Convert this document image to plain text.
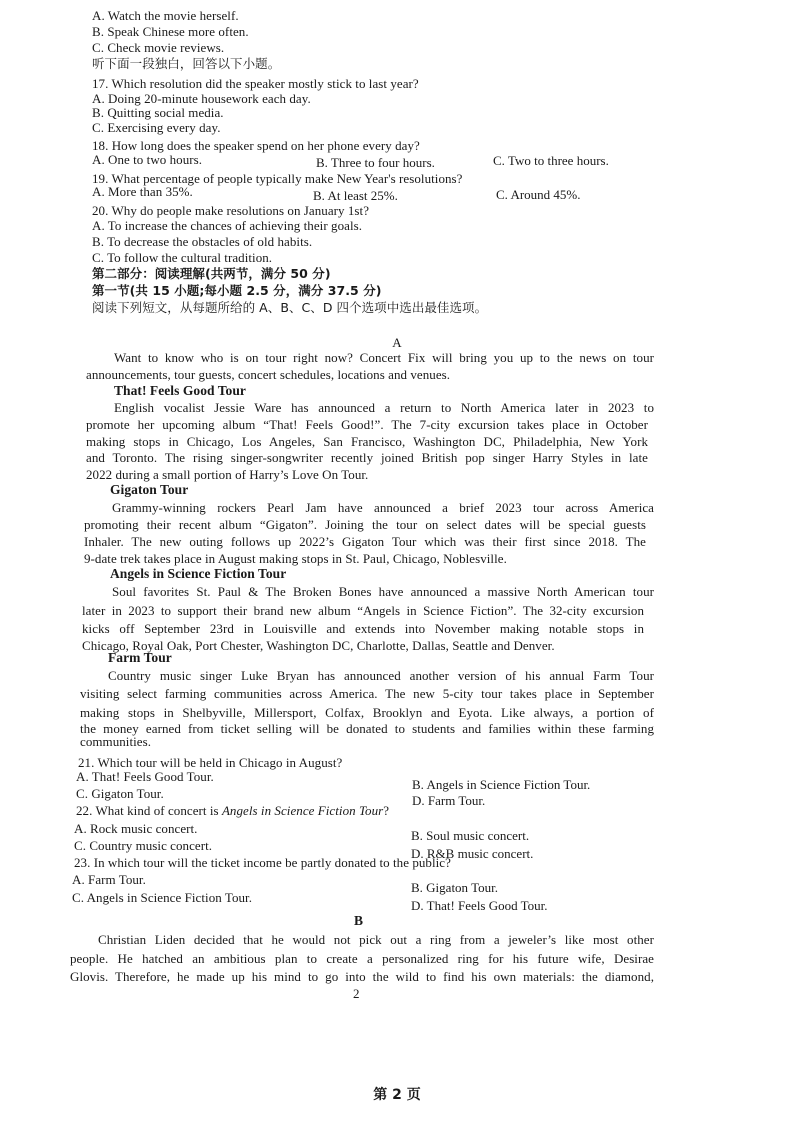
A. Watch the movie herself.
B. Speak Chinese more often.
C. Check movie reviews.
听下面一段独白，回答以下小题。
17. Which resolution did the speaker mostly stick to last year?
A. Doing 20-minute housework each day.
B. Quitting social media.
C. Exercising every day.
18. How long does the speaker spend on her phone every day?
A. One to two hours.	B. Three to four hours.	C. Two to three hours.
19. What percentage of people typically make New Year's resolutions?
A. More than 35%.	B. At least 25%.	C. Around 45%.
20. Why do people make resolutions on January 1st?
A. To increase the chances of achieving their goals.
B. To decrease the obstacles of old habits.
C. To follow the cultural tradition.
第二部分：阅读理解(共两节，满分 50 分)
第一节(共 15 小题;每小题 2.5 分，满分 37.5 分)
阅读下列短文，从每题所给的 A、B、C、D 四个选项中选出最佳选项。
A
Want to know who is on tour right now? Concert Fix will bring you up to the news on tour
announcements, tour guests, concert schedules, locations and venues.
That! Feels Good Tour
English vocalist Jessie Ware has announced a return to North America later in 2023 to
promote her upcoming album “That! Feels Good!”. The 7-city excursion takes place in October
making stops in Chicago, Los Angeles, San Francisco, Washington DC, Philadelphia, New York
and Toronto. The rising singer-songwriter recently joined British pop singer Harry Styles in late
2022 during a small portion of Harry’s Love On Tour.
Gigaton Tour
Grammy-winning rockers Pearl Jam have announced a brief 2023 tour across America
promoting their recent album “Gigaton”. Joining the tour on select dates will be special guests
Inhaler. The new outing follows up 2022’s Gigaton Tour which was their first since 2018. The
9-date trek takes place in August making stops in St. Paul, Chicago, Noblesville.
Angels in Science Fiction Tour
Soul favorites St. Paul & The Broken Bones have announced a massive North American tour
later in 2023 to support their brand new album “Angels in Science Fiction”. The 32-city excursion
kicks off September 23rd in Louisville and extends into November making notable stops in
Chicago, Royal Oak, Port Chester, Washington DC, Charlotte, Dallas, Seattle and Denver.
Farm Tour
Country music singer Luke Bryan has announced another version of his annual Farm Tour
visiting select farming communities across America. The new 5-city tour takes place in September
making stops in Shelbyville, Millersport, Colfax, Brooklyn and Eyota. Like always, a portion of
the money earned from ticket selling will be donated to students and families within these farming
communities.
21. Which tour will be held in Chicago in August?
A. That! Feels Good Tour.
B. Angels in Science Fiction Tour.
C. Gigaton Tour.	D. Farm Tour.
22. What kind of concert is Angels in Science Fiction Tour?
A. Rock music concert.	B. Soul music concert.
C. Country music concert.
D. R&B music concert.
23. In which tour will the ticket income be partly donated to the public?
A. Farm Tour.
B. Gigaton Tour.
C. Angels in Science Fiction Tour.
D. That! Feels Good Tour.
B
Christian Liden decided that he would not pick out a ring from a jeweler’s like most other
people. He hatched an ambitious plan to create a personalized ring for his future wife, Desirae
Glovis. Therefore, he made up his mind to go into the wild to find his own materials: the diamond,
2
第 2 页
